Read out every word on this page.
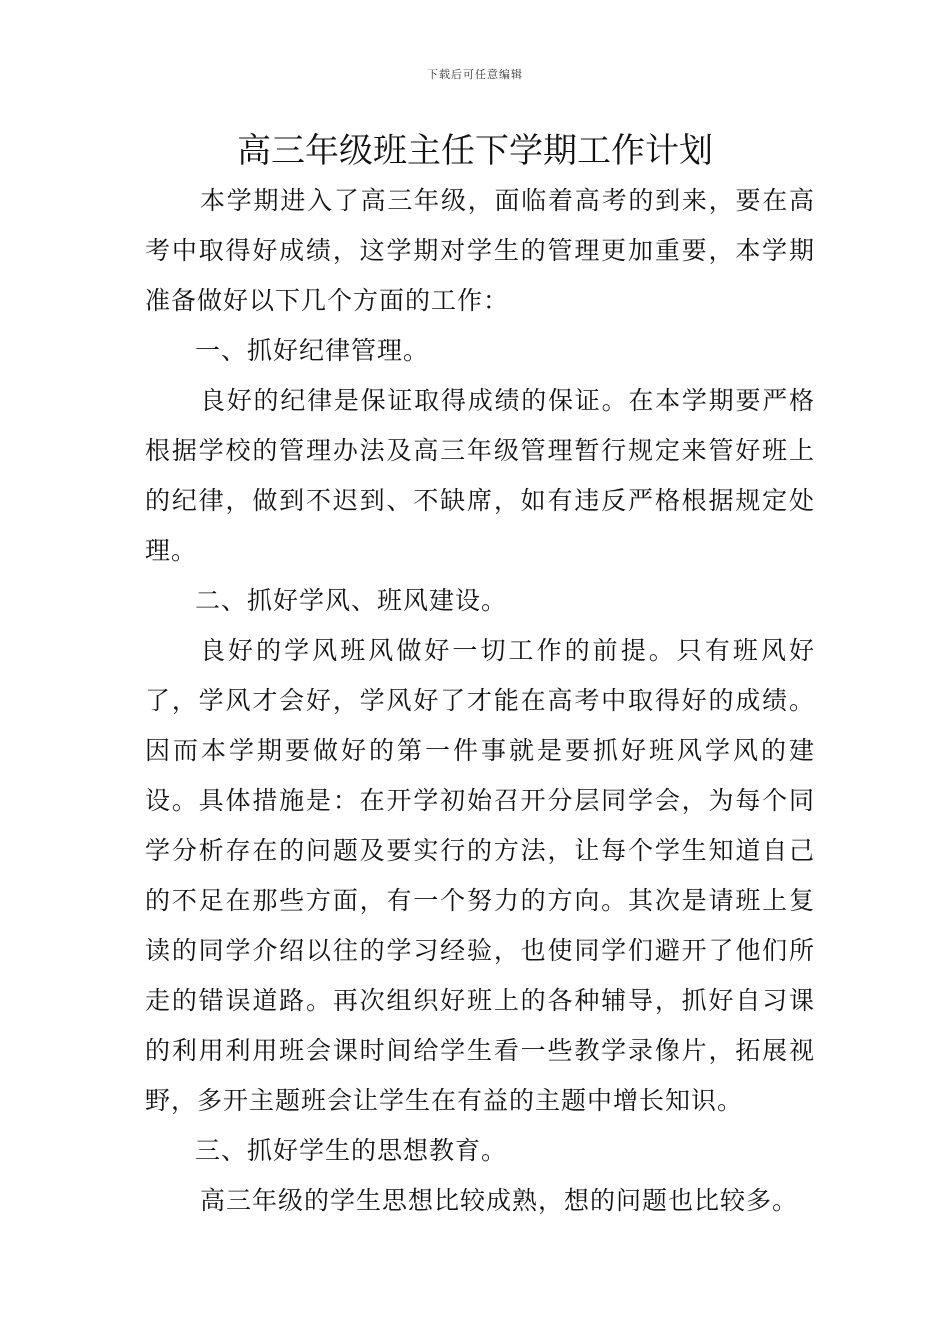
下载后可任意编辑
高三年级班主任下学期工作计划

本学期进入了高三年级，面临着高考的到来，要在高考中取得好成绩，这学期对学生的管理更加重要，本学期准备做好以下几个方面的工作：

一、抓好纪律管理。

良好的纪律是保证取得成绩的保证。在本学期要严格根据学校的管理办法及高三年级管理暂行规定来管好班上的纪律，做到不迟到、不缺席，如有违反严格根据规定处理。

二、抓好学风、班风建设。

良好的学风班风做好一切工作的前提。只有班风好了，学风才会好，学风好了才能在高考中取得好的成绩。因而本学期要做好的第一件事就是要抓好班风学风的建设。具体措施是：在开学初始召开分层同学会，为每个同学分析存在的问题及要实行的方法，让每个学生知道自己的不足在那些方面，有一个努力的方向。其次是请班上复读的同学介绍以往的学习经验，也使同学们避开了他们所走的错误道路。再次组织好班上的各种辅导，抓好自习课的利用利用班会课时间给学生看一些教学录像片，拓展视野，多开主题班会让学生在有益的主题中增长知识。

三、抓好学生的思想教育。

高三年级的学生思想比较成熟，想的问题也比较多。
